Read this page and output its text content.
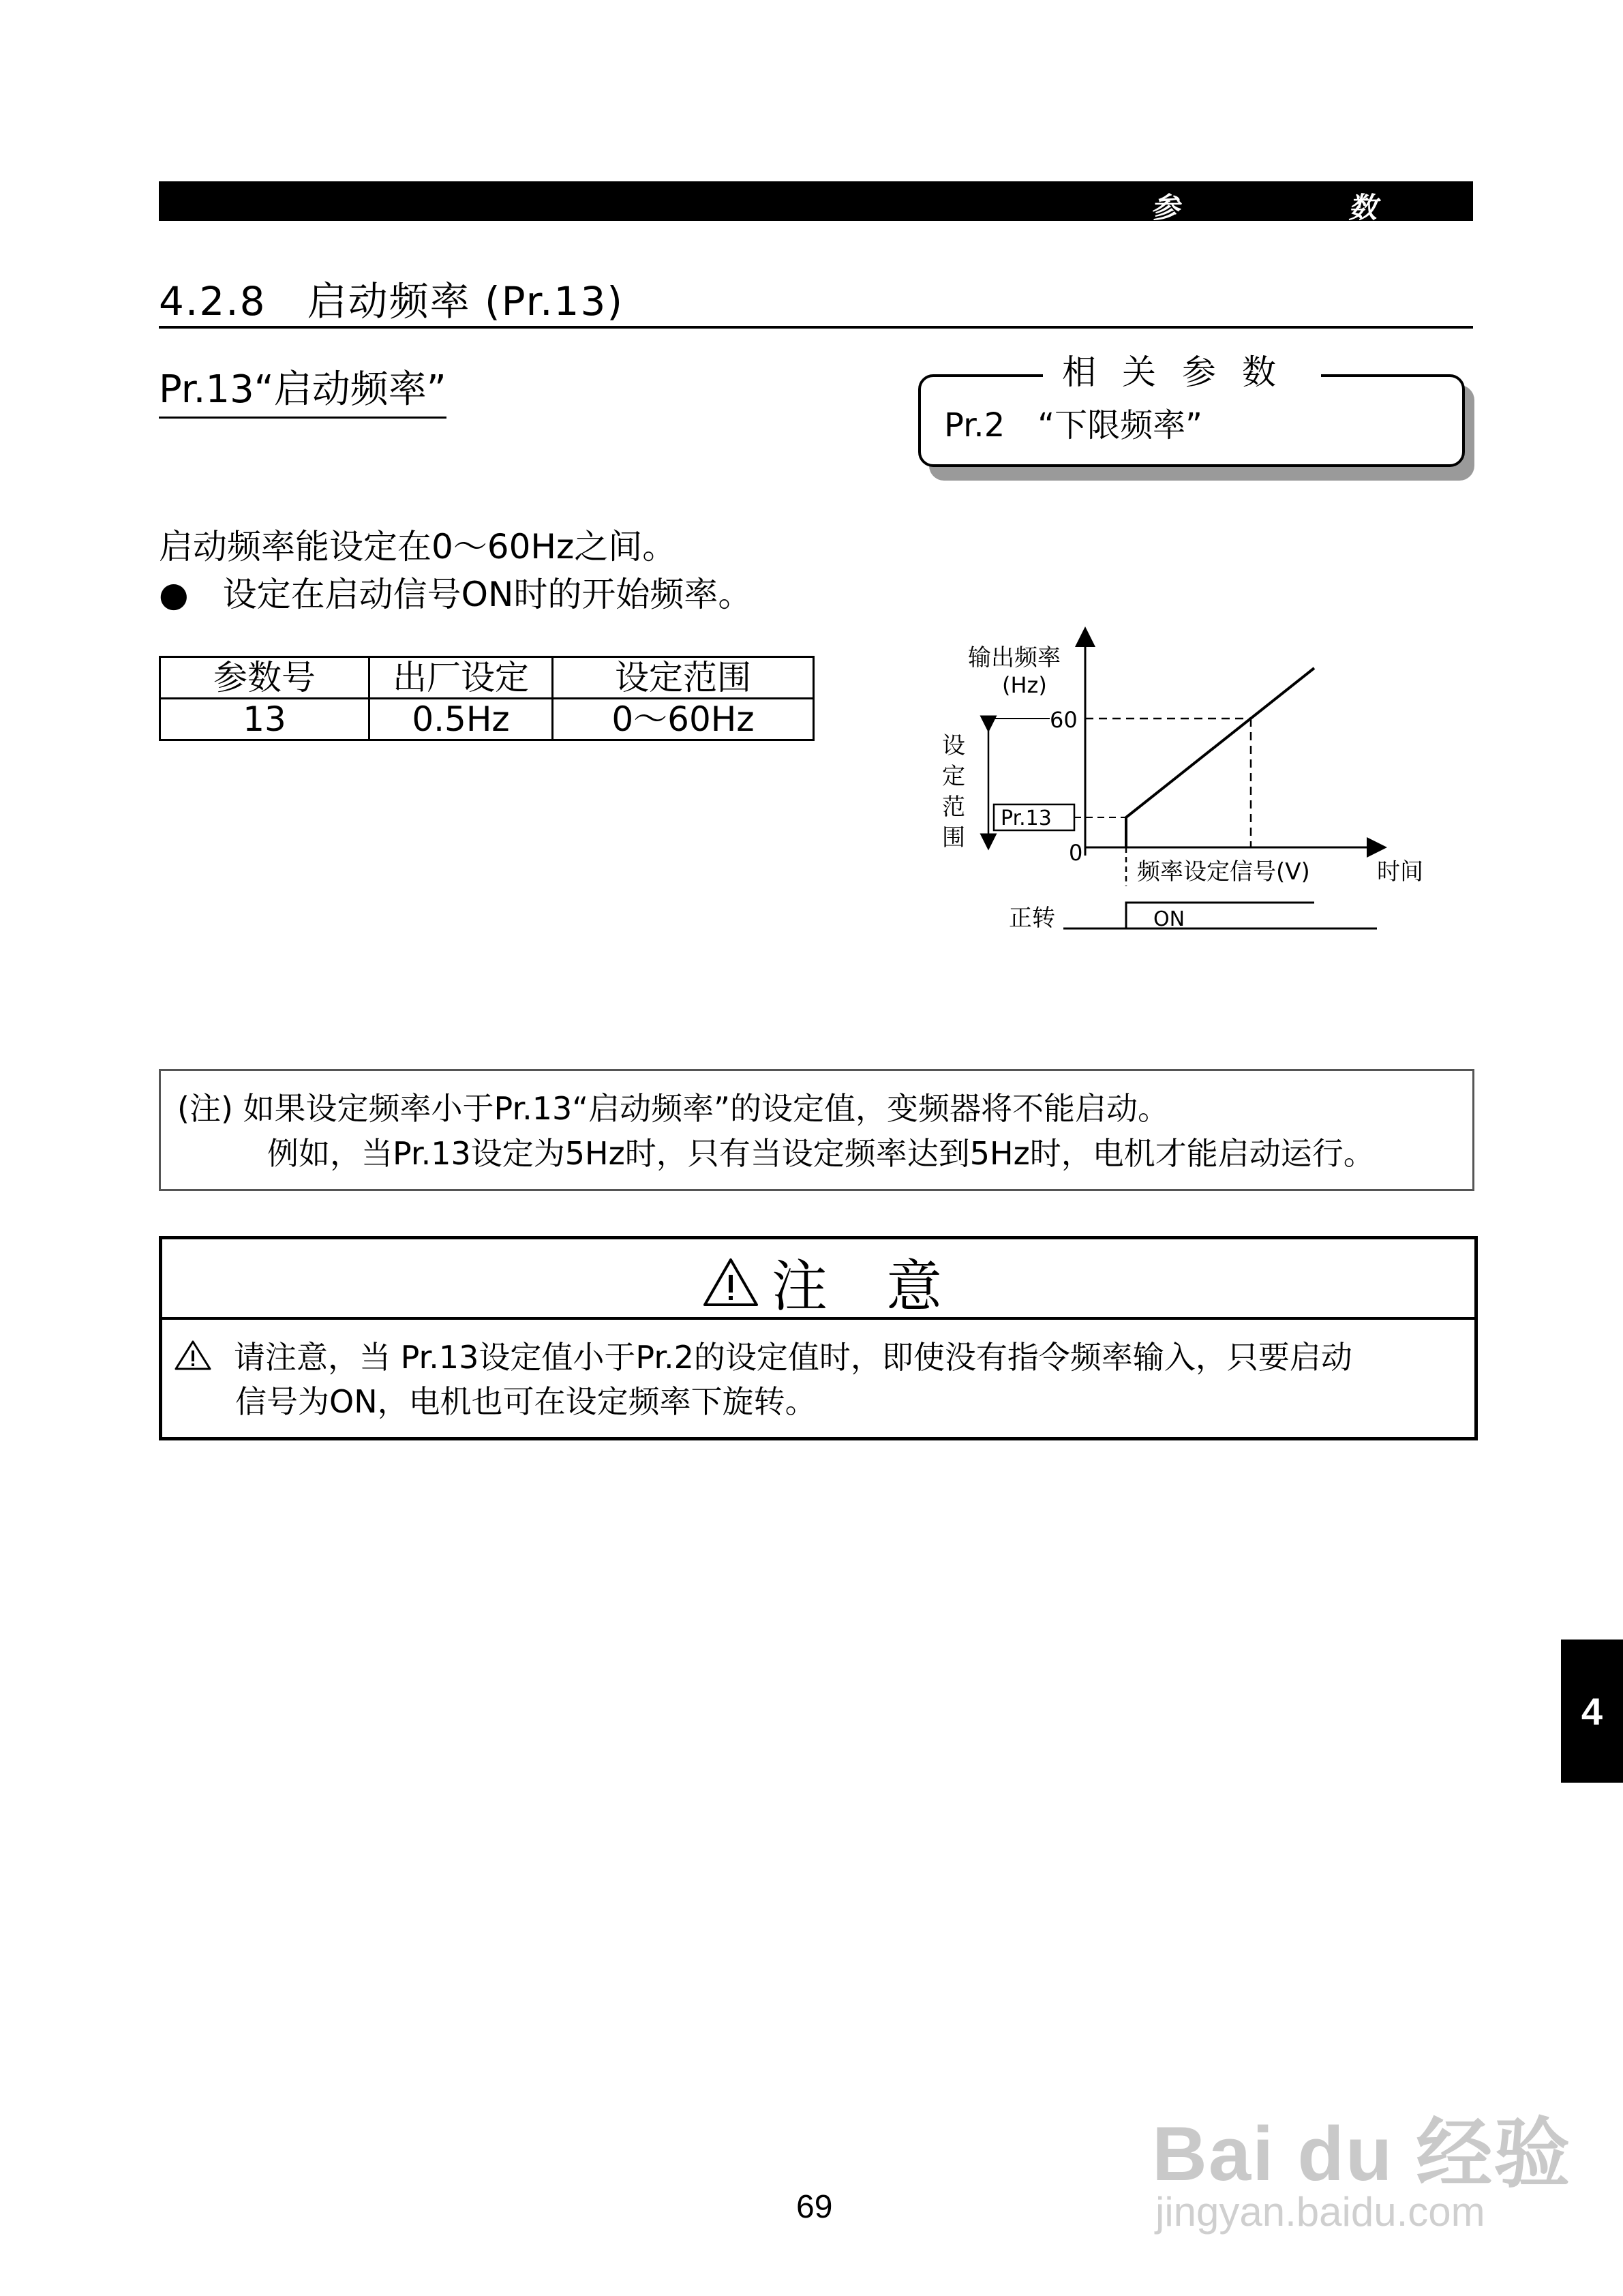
参	数
4.2.8　启动频率 (Pr.13)
Pr.13“启动频率”	相关参数
Pr.2　“下限频率”
启动频率能设定在0～60Hz之间。
●　设定在启动信号ON时的开始频率。
参数号	出厂设定	设定范围
13	0.5Hz	0～60Hz
输出频率
(Hz)
60
0
设
定
范
围
Pr.13
时间
频率设定信号(V)
正转	ON
(注) 如果设定频率小于Pr.13“启动频率”的设定值，变频器将不能启动。
例如，当Pr.13设定为5Hz时，只有当设定频率达到5Hz时，电机才能启动运行。
注 意
请注意，当 Pr.13设定值小于Pr.2的设定值时，即使没有指令频率输入，只要启动
信号为ON，电机也可在设定频率下旋转。
4
69
Bai du 经验
jingyan.baidu.com
